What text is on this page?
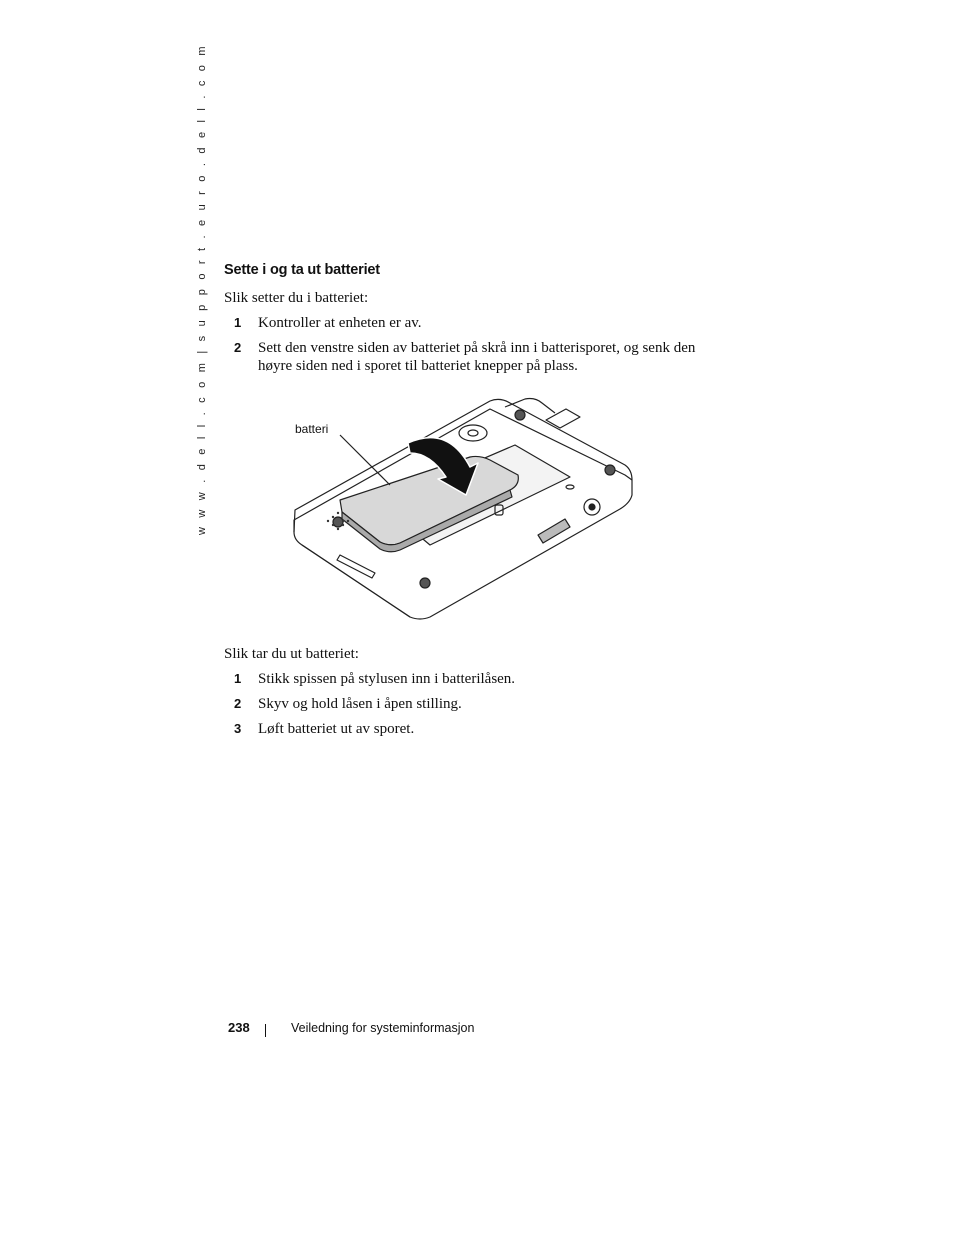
w w w . d e l l . c o m | s u p p o r t . e u r o . d e l l . c o m Sette i og ta ut batteriet
Slik setter du i batteriet:
1 Kontroller at enheten er av.
2 Sett den venstre siden av batteriet på skrå inn i batterisporet, og senk den høyre siden ned i sporet til batteriet knepper på plass.
batteri
Slik tar du ut batteriet:
1 Stikk spissen på stylusen inn i batterilåsen.
2 Skyv og hold låsen i åpen stilling.
3 Løft batteriet ut av sporet.
238	Veiledning for systeminformasjon
